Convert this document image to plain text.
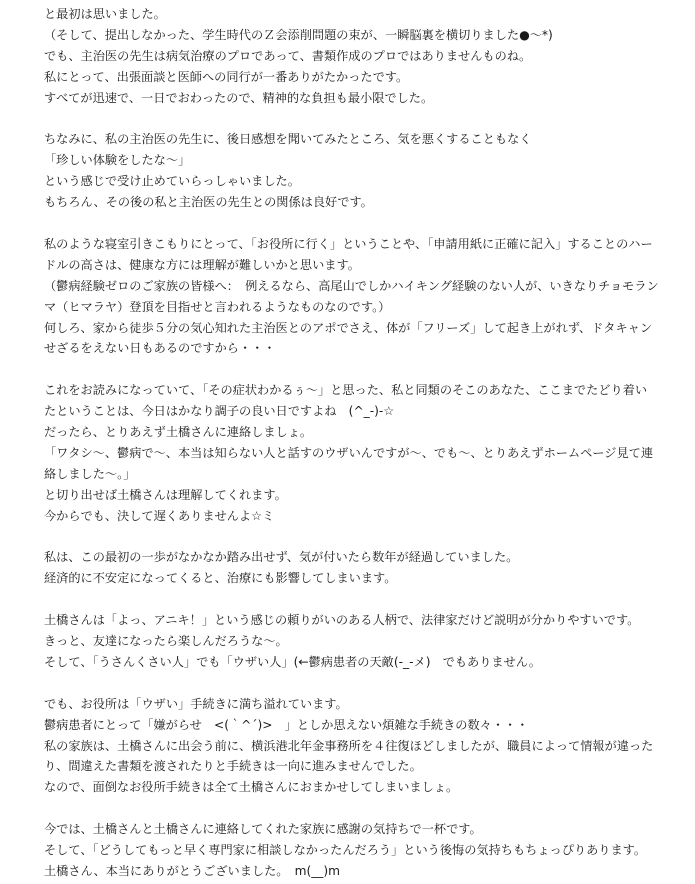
と最初は思いました。
（そして、提出しなかった、学生時代のＺ会添削問題の束が、一瞬脳裏を横切りました●～*)
でも、主治医の先生は病気治療のプロであって、書類作成のプロではありませんものね。
私にとって、出張面談と医師への同行が一番ありがたかったです。
すべてが迅速で、一日でおわったので、精神的な負担も最小限でした。
ちなみに、私の主治医の先生に、後日感想を聞いてみたところ、気を悪くすることもなく
「珍しい体験をしたな～」
という感じで受け止めていらっしゃいました。
もちろん、その後の私と主治医の先生との関係は良好です。
私のような寝室引きこもりにとって、「お役所に行く」ということや、「申請用紙に正確に記入」することのハー
ドルの高さは、健康な方には理解が難しいかと思います。
（鬱病経験ゼロのご家族の皆様へ：　例えるなら、高尾山でしかハイキング経験のない人が、いきなりチョモラン
マ（ヒマラヤ）登頂を目指せと言われるようなものなのです。）
何しろ、家から徒歩５分の気心知れた主治医とのアポでさえ、体が「フリーズ」して起き上がれず、ドタキャン
せざるをえない日もあるのですから・・・
これをお読みになっていて、「その症状わかるぅ～」と思った、私と同類のそこのあなた、ここまでたどり着い
たということは、今日はかなり調子の良い日ですよね　(^_-)-☆
だったら、とりあえず土橋さんに連絡しましょ。
「ワタシ～、鬱病で～、本当は知らない人と話すのウザいんですが～、でも～、とりあえずホームページ見て連
絡しました～。」
と切り出せば土橋さんは理解してくれます。
今からでも、決して遅くありませんよ☆ミ
私は、この最初の一歩がなかなか踏み出せず、気が付いたら数年が経過していました。
経済的に不安定になってくると、治療にも影響してしまいます。
土橋さんは「よっ、アニキ！」という感じの頼りがいのある人柄で、法律家だけど説明が分かりやすいです。
きっと、友達になったら楽しんだろうな～。
そして、「うさんくさい人」でも「ウザい人」(←鬱病患者の天敵(-_-メ)　でもありません。
でも、お役所は「ウザい」手続きに満ち溢れています。
鬱病患者にとって「嫌がらせ　<(｀^´)>　」としか思えない煩雑な手続きの数々・・・
私の家族は、土橋さんに出会う前に、横浜港北年金事務所を４往復ほどしましたが、職員によって情報が違った
り、間違えた書類を渡されたりと手続きは一向に進みませんでした。
なので、面倒なお役所手続きは全て土橋さんにおまかせしてしまいましょ。
今では、土橋さんと土橋さんに連絡してくれた家族に感謝の気持ちで一杯です。
そして、「どうしてもっと早く専門家に相談しなかったんだろう」という後悔の気持ちもちょっぴりあります。
土橋さん、本当にありがとうございました。　m(__)m
